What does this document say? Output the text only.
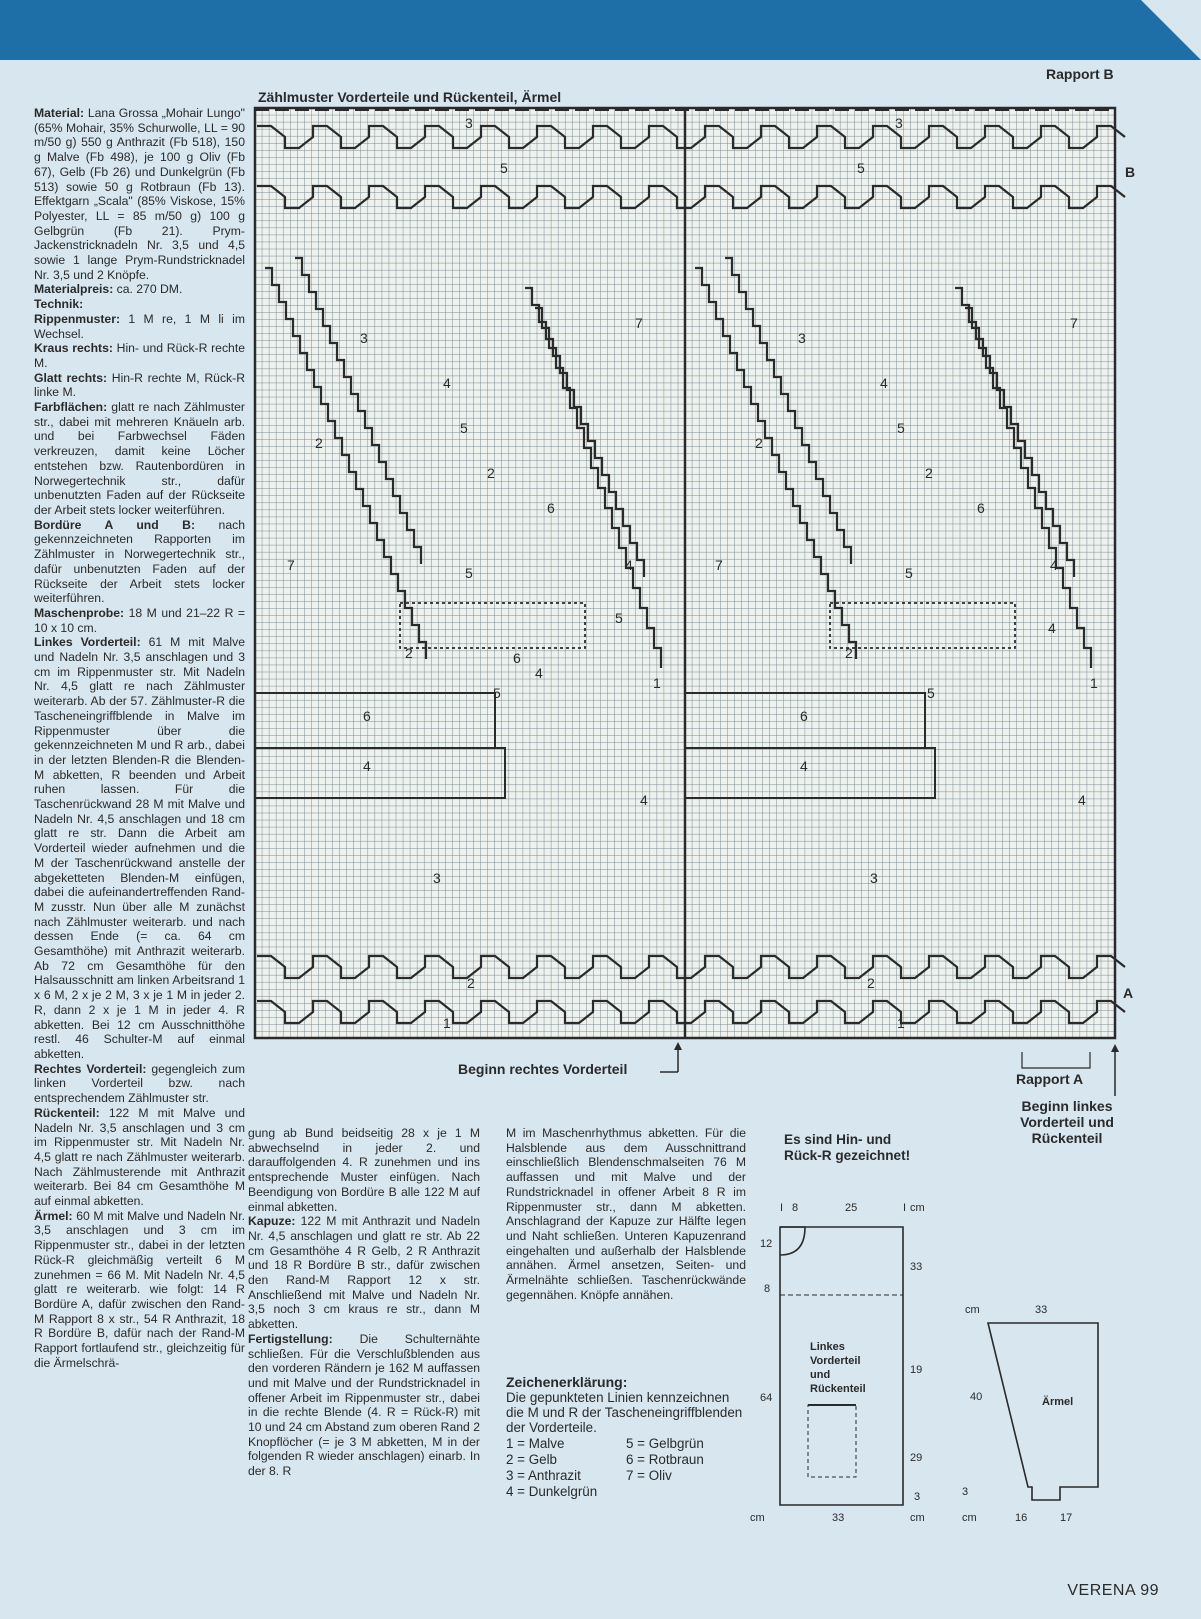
Material: Lana Grossa „Mohair Lungo" (65% Mohair, 35% Schurwolle, LL = 90 m/50 g) 550 g Anthrazit (Fb 518), 150 g Malve (Fb 498), je 100 g Oliv (Fb 67), Gelb (Fb 26) und Dunkelgrün (Fb 513) sowie 50 g Rotbraun (Fb 13). Effektgarn „Scala" (85% Viskose, 15% Polyester, LL = 85 m/50 g) 100 g Gelbgrün (Fb 21). Prym-Jackenstricknadeln Nr. 3,5 und 4,5 sowie 1 lange Prym-Rundstricknadel Nr. 3,5 und 2 Knöpfe.

Materialpreis: ca. 270 DM.

Technik:

Rippenmuster: 1 M re, 1 M li im Wechsel.

Kraus rechts: Hin- und Rück-R rechte M.

Glatt rechts: Hin-R rechte M, Rück-R linke M.

Farbflächen: glatt re nach Zählmuster str., dabei mit mehreren Knäueln arb. und bei Farbwechsel Fäden verkreuzen, damit keine Löcher entstehen bzw. Rautenbordüren in Norwegertechnik str., dafür unbenutzten Faden auf der Rückseite der Arbeit stets locker weiterführen.

Bordüre A und B: nach gekennzeichneten Rapporten im Zählmuster in Norwegertechnik str., dafür unbenutzten Faden auf der Rückseite der Arbeit stets locker weiterführen.

Maschenprobe: 18 M und 21–22 R = 10 x 10 cm.

Linkes Vorderteil: 61 M mit Malve und Nadeln Nr. 3,5 anschlagen und 3 cm im Rippenmuster str. Mit Nadeln Nr. 4,5 glatt re nach Zählmuster weiterarb. Ab der 57. Zählmuster-R die Tascheneingriffblende in Malve im Rippenmuster über die gekennzeichneten M und R arb., dabei in der letzten Blenden-R die Blenden-M abketten, R beenden und Arbeit ruhen lassen. Für die Taschenrückwand 28 M mit Malve und Nadeln Nr. 4,5 anschlagen und 18 cm glatt re str. Dann die Arbeit am Vorderteil wieder aufnehmen und die M der Taschenrückwand anstelle der abgeketteten Blenden-M einfügen, dabei die aufeinandertreffenden Rand-M zusstr. Nun über alle M zunächst nach Zählmuster weiterarb. und nach dessen Ende (= ca. 64 cm Gesamthöhe) mit Anthrazit weiterarb. Ab 72 cm Gesamthöhe für den Halsausschnitt am linken Arbeitsrand 1 x 6 M, 2 x je 2 M, 3 x je 1 M in jeder 2. R, dann 2 x je 1 M in jeder 4. R abketten. Bei 12 cm Ausschnitthöhe restl. 46 Schulter-M auf einmal abketten.

Rechtes Vorderteil: gegengleich zum linken Vorderteil bzw. nach entsprechendem Zählmuster str.

Rückenteil: 122 M mit Malve und Nadeln Nr. 3,5 anschlagen und 3 cm im Rippenmuster str. Mit Nadeln Nr. 4,5 glatt re nach Zählmuster weiterarb. Nach Zählmusterende mit Anthrazit weiterarb. Bei 84 cm Gesamthöhe M auf einmal abketten.

Ärmel: 60 M mit Malve und Nadeln Nr. 3,5 anschlagen und 3 cm im Rippenmuster str., dabei in der letzten Rück-R gleichmäßig verteilt 6 M zunehmen = 66 M. Mit Nadeln Nr. 4,5 glatt re weiterarb. wie folgt: 14 R Bordüre A, dafür zwischen den Rand-M Rapport 8 x str., 54 R Anthrazit, 18 R Bordüre B, dafür nach der Rand-M Rapport fortlaufend str., gleichzeitig für die Ärmelschrä-

Zählmuster Vorderteile und Rückenteil, Ärmel
Rapport B
B
A
Rapport A
Beginn rechtes Vorderteil
Beginn linkes
Vorderteil und
Rückenteil
3
5
3
7
4
5
2
2
6
7	5	4
5
2	6
4
1
5
6
4
4
3
2
1
3
5
3
7
4
5
2
2
6
7	4
5
4
2
5
1
6
4
4
3
2
1

gung ab Bund beidseitig 28 x je 1 M abwechselnd in jeder 2. und darauffolgenden 4. R zunehmen und ins entsprechende Muster einfügen. Nach Beendigung von Bordüre B alle 122 M auf einmal abketten.

Kapuze: 122 M mit Anthrazit und Nadeln Nr. 4,5 anschlagen und glatt re str. Ab 22 cm Gesamthöhe 4 R Gelb, 2 R Anthrazit und 18 R Bordüre B str., dafür zwischen den Rand-M Rapport 12 x str. Anschließend mit Malve und Nadeln Nr. 3,5 noch 3 cm kraus re str., dann M abketten.

Fertigstellung: Die Schulternähte schließen. Für die Verschlußblenden aus den vorderen Rändern je 162 M auffassen und mit Malve und der Rundstricknadel in offener Arbeit im Rippenmuster str., dabei in die rechte Blende (4. R = Rück-R) mit 10 und 24 cm Abstand zum oberen Rand 2 Knopflöcher (= je 3 M abketten, M in der folgenden R wieder anschlagen) einarb. In der 8. R

M im Maschenrhythmus abketten. Für die Halsblende aus dem Ausschnittrand einschließlich Blendenschmalseiten 76 M auffassen und mit Malve und der Rundstricknadel in offener Arbeit 8 R im Rippenmuster str., dann M abketten. Anschlagrand der Kapuze zur Hälfte legen und Naht schließen. Unteren Kapuzenrand eingehalten und außerhalb der Halsblende annähen. Ärmel ansetzen, Seiten- und Ärmelnähte schließen. Taschenrückwände gegennähen. Knöpfe annähen.

Zeichenerklärung:
Die gepunkteten Linien kennzeichnen die M und R der Tascheneingriffblenden der Vorderteile.
1 = Malve	5 = Gelbgrün
2 = Gelb	6 = Rotbraun
3 = Anthrazit	7 = Oliv
4 = Dunkelgrün
Es sind Hin- und
Rück-R gezeichnet!
I 8	25	I cm
12
8
64
33
19
29
3
cm	33	cm
Linkes
Vorderteil
und
Rückenteil
cm	33
40
3
cm	16	17
Ärmel
VERENA 99
